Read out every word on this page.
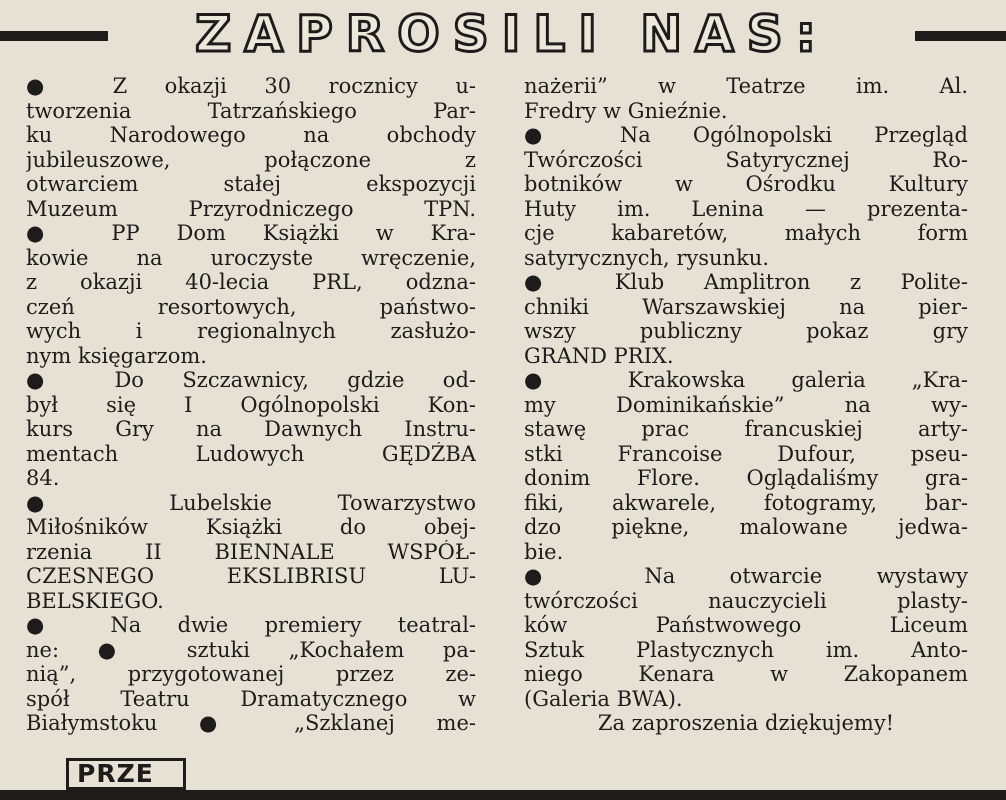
ZAPROSILI NAS:
● Z okazji 30 rocznicy u-
tworzenia Tatrzańskiego Par-
ku Narodowego na obchody
jubileuszowe, połączone z
otwarciem stałej ekspozycji
Muzeum Przyrodniczego TPN.
● PP Dom Książki w Kra-
kowie na uroczyste wręczenie,
z okazji 40-lecia PRL, odzna-
czeń resortowych, państwo-
wych i regionalnych zasłużo-
nym księgarzom.
● Do Szczawnicy, gdzie od-
był się I Ogólnopolski Kon-
kurs Gry na Dawnych Instru-
mentach Ludowych GĘDŹBA
84.
● Lubelskie Towarzystwo
Miłośników Książki do obej-
rzenia II BIENNALE WSPÓŁ-
CZESNEGO EKSLIBRISU LU-
BELSKIEGO.
● Na dwie premiery teatral-
ne: ● sztuki „Kochałem pa-
nią”, przygotowanej przez ze-
spół Teatru Dramatycznego w
Białymstoku ● „Szklanej me-
nażerii” w Teatrze im. Al.
Fredry w Gnieźnie.
● Na Ogólnopolski Przegląd
Twórczości Satyrycznej Ro-
botników w Ośrodku Kultury
Huty im. Lenina — prezenta-
cje kabaretów, małych form
satyrycznych, rysunku.
● Klub Amplitron z Polite-
chniki Warszawskiej na pier-
wszy publiczny pokaz gry
GRAND PRIX.
● Krakowska galeria „Kra-
my Dominikańskie” na wy-
stawę prac francuskiej arty-
stki Francoise Dufour, pseu-
donim Flore. Oglądaliśmy gra-
fiki, akwarele, fotogramy, bar-
dzo piękne, malowane jedwa-
bie.
● Na otwarcie wystawy
twórczości nauczycieli plasty-
ków Państwowego Liceum
Sztuk Plastycznych im. Anto-
niego Kenara w Zakopanem
(Galeria BWA).
Za zaproszenia dziękujemy!
PRZE
